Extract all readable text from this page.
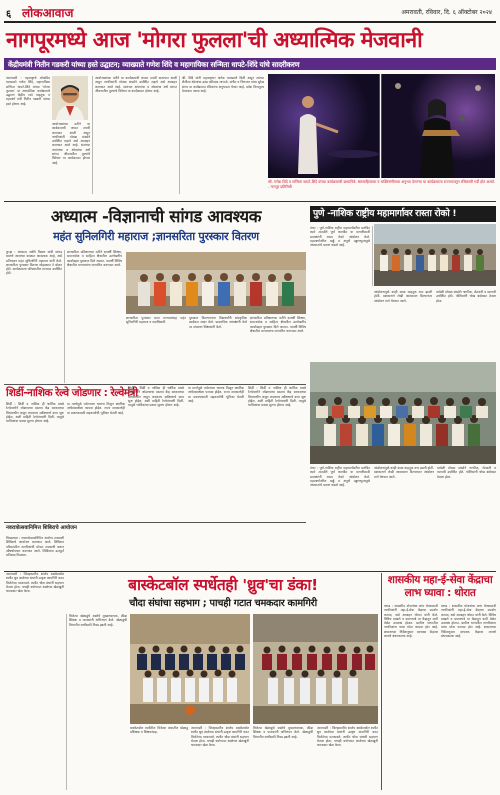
६ लोकआवाज	अमरावती, रविवार, दि. ६ ऑक्टोबर २०२४
नागपूरमध्ये आज 'मोगरा फुलला'ची अध्यात्मिक मेजवानी
केंद्रीयमंत्री नितीन गडकरी यांच्या हस्ते उद्घाटन; व्याख्याते गणेश शिंदे व महागायिका सन्मिता धापटे-शिंदे यांचे सादरीकरण
अमरावती : महाराष्ट्राचे लोकप्रिय व्याख्याते गणेश शिंदे, महागायिका सन्मिता धापटे-शिंदे यांच्या 'मोगरा फुलला' या अध्यात्मिक कार्यक्रमाचे उद्घाटन केंद्रीय रस्ते वाहतूक व महामार्ग मंत्री नितीन गडकरी यांच्या हस्ते होणार आहे.
आयोजकांच्या वतीने या कार्यक्रमाची जय्यत तयारी करण्यात आली असून नागरिकांनी मोठ्या संख्येने उपस्थित राहावे असे आवाहन करण्यात आले आहे. संतांच्या अभंगांचा व ओव्यांचा अर्थ सांगत जीवनातील मूल्यांचे विवेचन या कार्यक्रमात होणार आहे.
आयोजकांच्या वतीने या कार्यक्रमाची जय्यत तयारी करण्यात आली असून नागरिकांनी मोठ्या संख्येने उपस्थित राहावे असे आवाहन करण्यात आले आहे. संतांच्या अभंगांचा व ओव्यांचा अर्थ सांगत जीवनातील मूल्यांचे विवेचन या कार्यक्रमात होणार आहे.
श्री. शिंदे यांनी महाराष्ट्रभर अनेक व्याख्याने दिली असून त्यांच्या शैलीला श्रोत्यांचा उदंड प्रतिसाद लाभतो. संगीत व निरूपण यांचा सुरेख संगम या कार्यक्रमात रसिकांना अनुभवता येणार आहे. प्रवेश विनामूल्य ठेवण्यात आला आहे.
श्री. गणेश शिंदे व सन्मिता धापटे-शिंदे यांच्या कार्यक्रमाची छायाचित्रे. संतसाहित्याचा व भक्तिसंगीताचा अनुभव देणाऱ्या या कार्यक्रमाला राज्यभरातून रसिकांची गर्दी होत असते. - नागपूर प्रतिनिधी
अध्यात्म -विज्ञानाची सांगड आवश्यक
महंत सुनिलगिरी महाराज ;ज्ञानसरिता पुरस्कार वितरण
कुऱ्हा : अध्यात्म आणि विज्ञान यांची सांगड घालणे आजच्या काळात आवश्यक आहे, असे प्रतिपादन महंत सुनिलगिरी महाराज यांनी केले. ज्ञानसरिता पुरस्कार वितरण सोहळ्यात ते बोलत होते. कार्यक्रमाला परिसरातील मान्यवर उपस्थित होते.
ज्ञानसरिता प्रतिष्ठानच्या वतीने दरवर्षी शिक्षण, समाजसेवा व साहित्य क्षेत्रातील उल्लेखनीय कार्याबद्दल पुरस्कार दिले जातात. यावर्षी विविध क्षेत्रातील मान्यवरांना सन्मानित करण्यात आले.
ज्ञानसरिता पुरस्कार प्राप्त मान्यवरांसह महंत सुनिलगिरी महाराज व पदाधिकारी.
पुरस्कार वितरणानंतर विद्यार्थ्यांनी सांस्कृतिक कार्यक्रम सादर केले. प्रास्ताविक अध्यक्षांनी केले तर संचालन शिक्षकांनी केले.
ज्ञानसरिता प्रतिष्ठानच्या वतीने दरवर्षी शिक्षण, समाजसेवा व साहित्य क्षेत्रातील उल्लेखनीय कार्याबद्दल पुरस्कार दिले जातात. यावर्षी विविध क्षेत्रातील मान्यवरांना सन्मानित करण्यात आले.
पुणे -नाशिक राष्ट्रीय महामार्गावर रास्ता रोको !
मंचर : पुणे-नाशिक राष्ट्रीय महामार्गावरील प्रलंबित कामे तातडीने पूर्ण करावीत या मागणीसाठी ग्रामस्थांनी रास्ता रोको आंदोलन केले. महामार्गावरील खड्डे व अपूर्ण उड्डाणपुलामुळे अपघातांचे प्रमाण वाढले आहे.
आंदोलनामुळे काही काळ वाहतूक ठप्प झाली होती. प्रशासनाने लेखी आश्वासन दिल्यानंतर आंदोलन मागे घेण्यात आले.
यावेळी मोठ्या संख्येने नागरिक, शेतकरी व व्यापारी उपस्थित होते. पोलिसांनी चोख बंदोबस्त ठेवला होता.
शिर्डी-नाशिक रेल्वे जोडणार : रेल्वेमंत्री
शिर्डी : शिर्डी व नाशिक ही धार्मिक स्थळे रेल्वेमार्गाने जोडण्याचा प्रस्ताव केंद्र सरकारच्या विचाराधीन असून लवकरच सर्वेक्षणाचे काम सुरू होईल, अशी माहिती रेल्वेमंत्र्यांनी दिली. यामुळे भाविकांचा प्रवास सुलभ होणार आहे.
या मार्गामुळे पर्यटनाला चालना मिळून स्थानिक अर्थव्यवस्थेला फायदा होईल. राज्य सरकारनेही या प्रकल्पासाठी सहकार्याची भूमिका घेतली आहे.
शिर्डी : शिर्डी व नाशिक ही धार्मिक स्थळे रेल्वेमार्गाने जोडण्याचा प्रस्ताव केंद्र सरकारच्या विचाराधीन असून लवकरच सर्वेक्षणाचे काम सुरू होईल, अशी माहिती रेल्वेमंत्र्यांनी दिली. यामुळे भाविकांचा प्रवास सुलभ होणार आहे.
या मार्गामुळे पर्यटनाला चालना मिळून स्थानिक अर्थव्यवस्थेला फायदा होईल. राज्य सरकारनेही या प्रकल्पासाठी सहकार्याची भूमिका घेतली आहे.
शिर्डी : शिर्डी व नाशिक ही धार्मिक स्थळे रेल्वेमार्गाने जोडण्याचा प्रस्ताव केंद्र सरकारच्या विचाराधीन असून लवकरच सर्वेक्षणाचे काम सुरू होईल, अशी माहिती रेल्वेमंत्र्यांनी दिली. यामुळे भाविकांचा प्रवास सुलभ होणार आहे.
नवरात्रोत्सवानिमित्त शिबिराचे आयोजन
चिखलदरा : नवरात्रोत्सवानिमित्त आरोग्य तपासणी शिबिराचे आयोजन करण्यात आले. शिबिरात परिसरातील नागरिकांची मोफत तपासणी करून औषधोपचार करण्यात आले. शिबिराला उत्स्फूर्त प्रतिसाद मिळाला.
मंचर : पुणे-नाशिक राष्ट्रीय महामार्गावरील प्रलंबित कामे तातडीने पूर्ण करावीत या मागणीसाठी ग्रामस्थांनी रास्ता रोको आंदोलन केले. महामार्गावरील खड्डे व अपूर्ण उड्डाणपुलामुळे अपघातांचे प्रमाण वाढले आहे.
आंदोलनामुळे काही काळ वाहतूक ठप्प झाली होती. प्रशासनाने लेखी आश्वासन दिल्यानंतर आंदोलन मागे घेण्यात आले.
यावेळी मोठ्या संख्येने नागरिक, शेतकरी व व्यापारी उपस्थित होते. पोलिसांनी चोख बंदोबस्त ठेवला होता.
बास्केटबॉल स्पर्धेतही 'ध्रुव'चा डंका!
चौदा संघांचा सहभाग ; पाचही गटात चमकदार कामगिरी
अमरावती : जिल्हास्तरीय शालेय बास्केटबॉल स्पर्धेत ध्रुव शाळेच्या संघांनी उत्कृष्ट कामगिरी करत विजेतेपद पटकावले. स्पर्धेत चौदा संघांनी सहभाग घेतला होता. पाचही वयोगटात शाळेच्या खेळाडूंनी चमकदार खेळ केला.
विजेत्या खेळाडूंचे शाळेचे मुख्याध्यापक, क्रीडा शिक्षक व पालकांनी अभिनंदन केले. खेळाडूंची विभागीय स्पर्धेसाठी निवड झाली आहे.
बास्केटबॉल स्पर्धेतील विजेत्या संघातील खेळाडू प्रशिक्षक व शिक्षकांसह.
अमरावती : जिल्हास्तरीय शालेय बास्केटबॉल स्पर्धेत ध्रुव शाळेच्या संघांनी उत्कृष्ट कामगिरी करत विजेतेपद पटकावले. स्पर्धेत चौदा संघांनी सहभाग घेतला होता. पाचही वयोगटात शाळेच्या खेळाडूंनी चमकदार खेळ केला.
विजेत्या खेळाडूंचे शाळेचे मुख्याध्यापक, क्रीडा शिक्षक व पालकांनी अभिनंदन केले. खेळाडूंची विभागीय स्पर्धेसाठी निवड झाली आहे.
अमरावती : जिल्हास्तरीय शालेय बास्केटबॉल स्पर्धेत ध्रुव शाळेच्या संघांनी उत्कृष्ट कामगिरी करत विजेतेपद पटकावले. स्पर्धेत चौदा संघांनी सहभाग घेतला होता. पाचही वयोगटात शाळेच्या खेळाडूंनी चमकदार खेळ केला.
शासकीय महा-ई-सेवा केंद्राचा लाभ घ्यावा : थोरात
वरूड : शासकीय योजनांचा लाभ घेण्यासाठी नागरिकांनी महा-ई-सेवा केंद्राचा उपयोग करावा, असे आवाहन थोरात यांनी केले. विविध दाखले व प्रमाणपत्रे या केंद्रातून कमी वेळेत उपलब्ध होतात. ग्रामीण भागातील नागरिकांना याचा मोठा फायदा होत आहे. शासनाच्या निर्देशानुसार दरपत्रक केंद्रावर लावणे बंधनकारक आहे.
वरूड : शासकीय योजनांचा लाभ घेण्यासाठी नागरिकांनी महा-ई-सेवा केंद्राचा उपयोग करावा, असे आवाहन थोरात यांनी केले. विविध दाखले व प्रमाणपत्रे या केंद्रातून कमी वेळेत उपलब्ध होतात. ग्रामीण भागातील नागरिकांना याचा मोठा फायदा होत आहे. शासनाच्या निर्देशानुसार दरपत्रक केंद्रावर लावणे बंधनकारक आहे.
